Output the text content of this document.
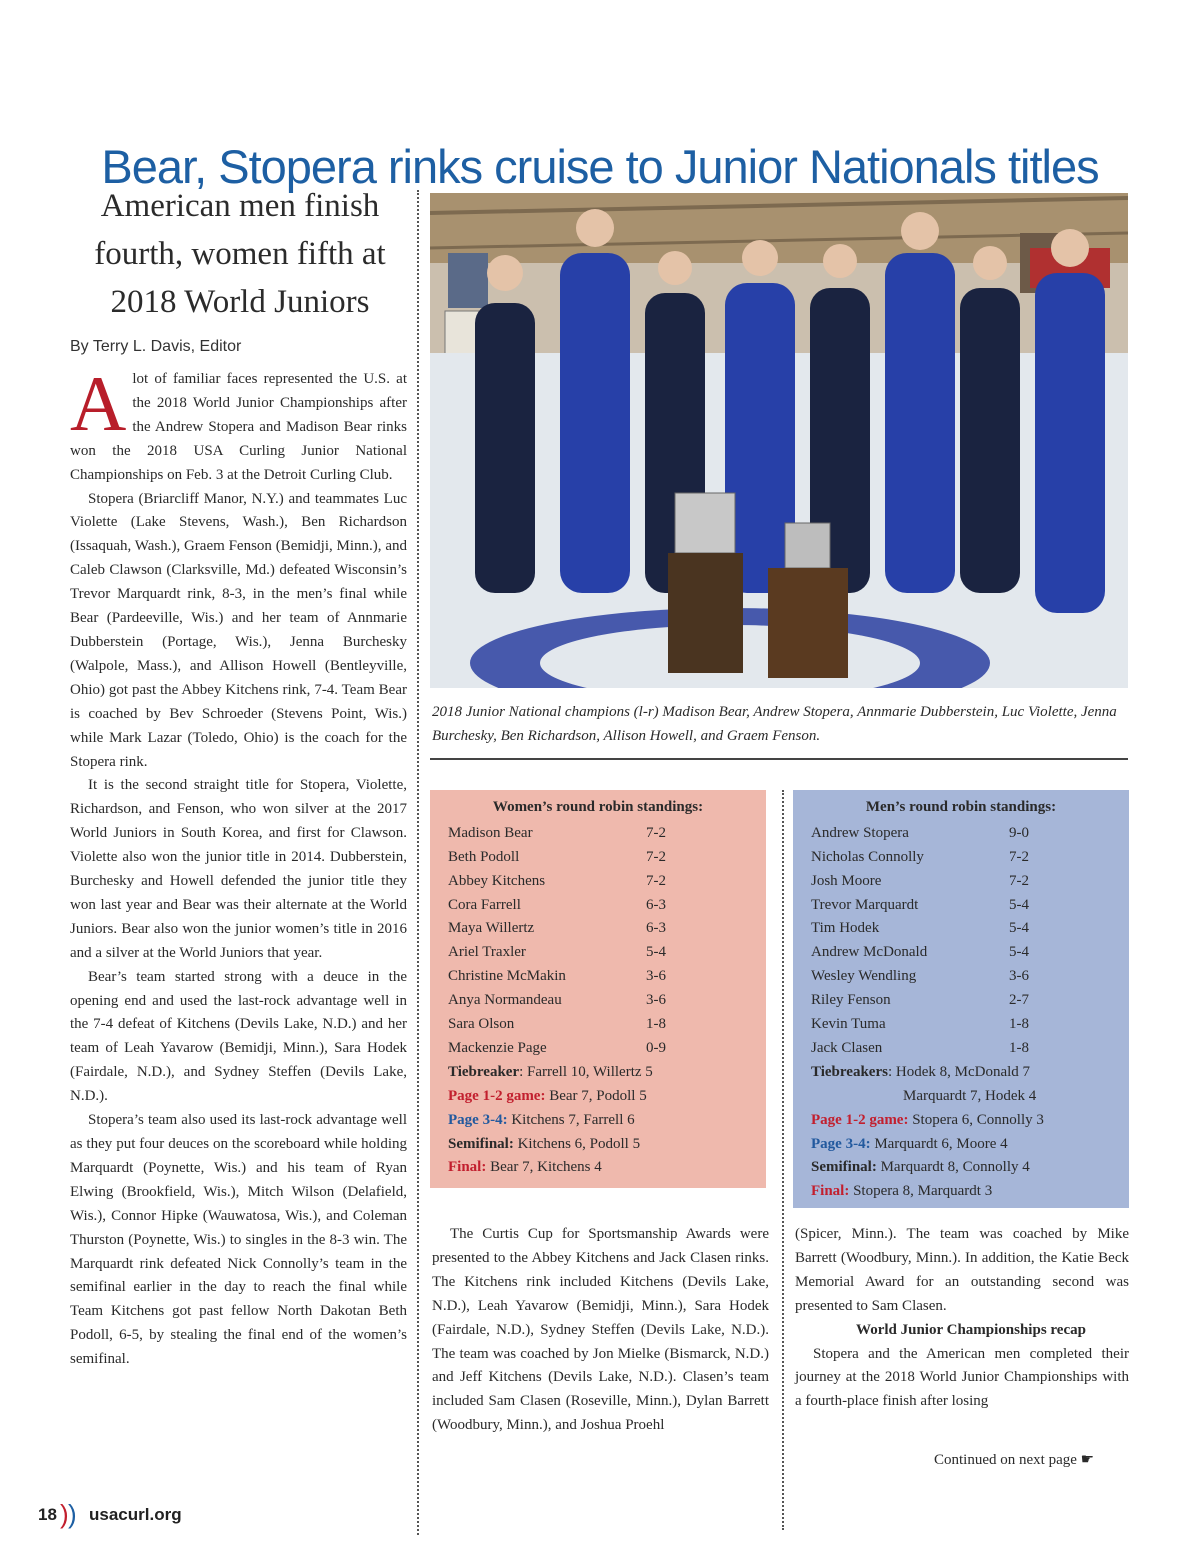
Bear, Stopera rinks cruise to Junior Nationals titles
American men finish fourth, women fifth at 2018 World Juniors
By Terry L. Davis, Editor

Alot of familiar faces represented the U.S. at the 2018 World Junior Championships after the Andrew Stopera and Madison Bear rinks won the 2018 USA Curling Junior National Championships on Feb. 3 at the Detroit Curling Club.

Stopera (Briarcliff Manor, N.Y.) and teammates Luc Violette (Lake Stevens, Wash.), Ben Richardson (Issaquah, Wash.), Graem Fenson (Bemidji, Minn.), and Caleb Clawson (Clarksville, Md.) defeated Wisconsin’s Trevor Marquardt rink, 8-3, in the men’s final while Bear (Pardeeville, Wis.) and her team of Annmarie Dubberstein (Portage, Wis.), Jenna Burchesky (Walpole, Mass.), and Allison Howell (Bentleyville, Ohio) got past the Abbey Kitchens rink, 7-4. Team Bear is coached by Bev Schroeder (Stevens Point, Wis.) while Mark Lazar (Toledo, Ohio) is the coach for the Stopera rink.

It is the second straight title for Stopera, Violette, Richardson, and Fenson, who won silver at the 2017 World Juniors in South Korea, and first for Clawson. Violette also won the junior title in 2014. Dubberstein, Burchesky and Howell defended the junior title they won last year and Bear was their alternate at the World Juniors. Bear also won the junior women’s title in 2016 and a silver at the World Juniors that year.

Bear’s team started strong with a deuce in the opening end and used the last-rock advantage well in the 7-4 defeat of Kitchens (Devils Lake, N.D.) and her team of Leah Yavarow (Bemidji, Minn.), Sara Hodek (Fairdale, N.D.), and Sydney Steffen (Devils Lake, N.D.).

Stopera’s team also used its last-rock advantage well as they put four deuces on the scoreboard while holding Marquardt (Poynette, Wis.) and his team of Ryan Elwing (Brookfield, Wis.), Mitch Wilson (Delafield, Wis.), Connor Hipke (Wauwatosa, Wis.), and Coleman Thurston (Poynette, Wis.) to singles in the 8-3 win. The Marquardt rink defeated Nick Connolly’s team in the semifinal earlier in the day to reach the final while Team Kitchens got past fellow North Dakotan Beth Podoll, 6-5, by stealing the final end of the women’s semifinal.

2018 Junior National champions (l-r) Madison Bear, Andrew Stopera, Annmarie Dubberstein, Luc Violette, Jenna Burchesky, Ben Richardson, Allison Howell, and Graem Fenson.
Women’s round robin standings:
Madison Bear	7-2
Beth Podoll	7-2
Abbey Kitchens	7-2
Cora Farrell	6-3
Maya Willertz	6-3
Ariel Traxler	5-4
Christine McMakin	3-6
Anya Normandeau	3-6
Sara Olson	1-8
Mackenzie Page	0-9
Tiebreaker: Farrell 10, Willertz 5
Page 1-2 game: Bear 7, Podoll 5
Page 3-4: Kitchens 7, Farrell 6
Semifinal: Kitchens 6, Podoll 5
Final: Bear 7, Kitchens 4
Men’s round robin standings:
Andrew Stopera	9-0
Nicholas Connolly	7-2
Josh Moore	7-2
Trevor Marquardt	5-4
Tim Hodek	5-4
Andrew McDonald	5-4
Wesley Wendling	3-6
Riley Fenson	2-7
Kevin Tuma	1-8
Jack Clasen	1-8
Tiebreakers: Hodek 8, McDonald 7
Marquardt 7, Hodek 4
Page 1-2 game: Stopera 6, Connolly 3
Page 3-4: Marquardt 6, Moore 4
Semifinal: Marquardt 8, Connolly 4
Final: Stopera 8, Marquardt 3

The Curtis Cup for Sportsmanship Awards were presented to the Abbey Kitchens and Jack Clasen rinks. The Kitchens rink included Kitchens (Devils Lake, N.D.), Leah Yavarow (Bemidji, Minn.), Sara Hodek (Fairdale, N.D.), Sydney Steffen (Devils Lake, N.D.). The team was coached by Jon Mielke (Bismarck, N.D.) and Jeff Kitchens (Devils Lake, N.D.). Clasen’s team included Sam Clasen (Roseville, Minn.), Dylan Barrett (Woodbury, Minn.), and Joshua Proehl

(Spicer, Minn.). The team was coached by Mike Barrett (Woodbury, Minn.). In addition, the Katie Beck Memorial Award for an outstanding second was presented to Sam Clasen.

World Junior Championships recap

Stopera and the American men completed their journey at the 2018 World Junior Championships with a fourth-place finish after losing

Continued on next page ☛
18 ) ) usacurl.org
